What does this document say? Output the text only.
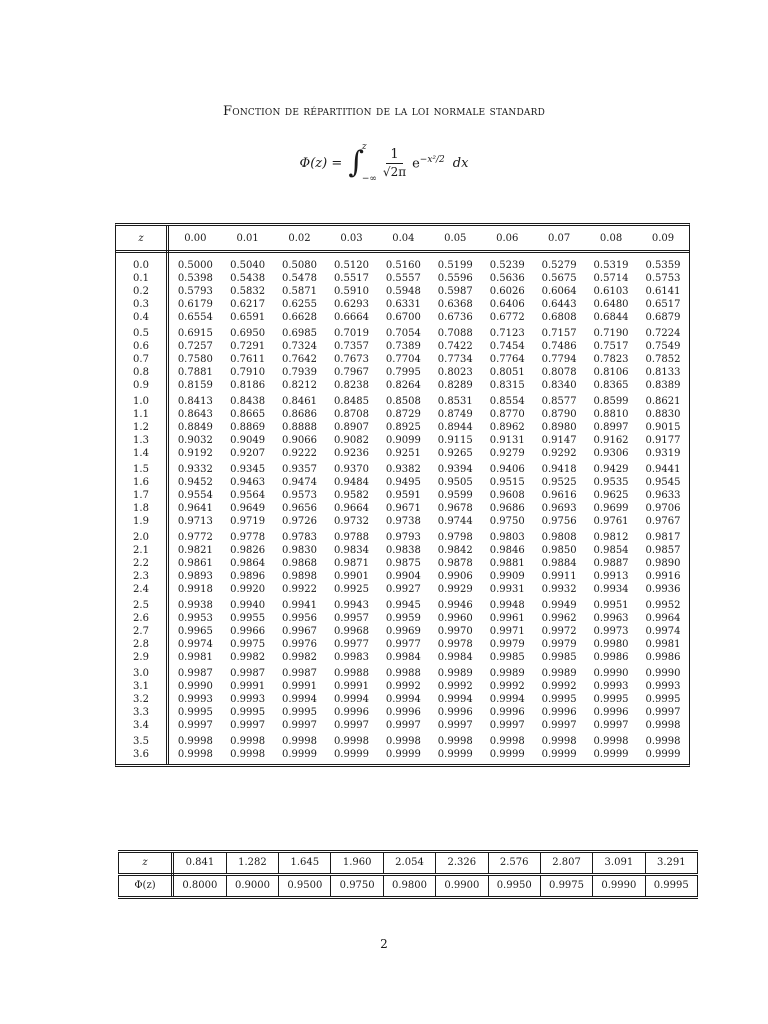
Fonction de répartition de la loi normale standard
Φ(z) = ∫
z
−∞ $\frac{1}{√2\pi} e^{-x^2/2}$ dx
z	0.00	0.01	0.02	0.03	0.04	0.05	0.06	0.07	0.08	0.09
0.0	0.5000	0.5040	0.5080	0.5120	0.5160	0.5199	0.5239	0.5279	0.5319	0.5359
0.1	0.5398	0.5438	0.5478	0.5517	0.5557	0.5596	0.5636	0.5675	0.5714	0.5753
0.2	0.5793	0.5832	0.5871	0.5910	0.5948	0.5987	0.6026	0.6064	0.6103	0.6141
0.3	0.6179	0.6217	0.6255	0.6293	0.6331	0.6368	0.6406	0.6443	0.6480	0.6517
0.4	0.6554	0.6591	0.6628	0.6664	0.6700	0.6736	0.6772	0.6808	0.6844	0.6879
0.5	0.6915	0.6950	0.6985	0.7019	0.7054	0.7088	0.7123	0.7157	0.7190	0.7224
0.6	0.7257	0.7291	0.7324	0.7357	0.7389	0.7422	0.7454	0.7486	0.7517	0.7549
0.7	0.7580	0.7611	0.7642	0.7673	0.7704	0.7734	0.7764	0.7794	0.7823	0.7852
0.8	0.7881	0.7910	0.7939	0.7967	0.7995	0.8023	0.8051	0.8078	0.8106	0.8133
0.9	0.8159	0.8186	0.8212	0.8238	0.8264	0.8289	0.8315	0.8340	0.8365	0.8389
1.0	0.8413	0.8438	0.8461	0.8485	0.8508	0.8531	0.8554	0.8577	0.8599	0.8621
1.1	0.8643	0.8665	0.8686	0.8708	0.8729	0.8749	0.8770	0.8790	0.8810	0.8830
1.2	0.8849	0.8869	0.8888	0.8907	0.8925	0.8944	0.8962	0.8980	0.8997	0.9015
1.3	0.9032	0.9049	0.9066	0.9082	0.9099	0.9115	0.9131	0.9147	0.9162	0.9177
1.4	0.9192	0.9207	0.9222	0.9236	0.9251	0.9265	0.9279	0.9292	0.9306	0.9319
1.5	0.9332	0.9345	0.9357	0.9370	0.9382	0.9394	0.9406	0.9418	0.9429	0.9441
1.6	0.9452	0.9463	0.9474	0.9484	0.9495	0.9505	0.9515	0.9525	0.9535	0.9545
1.7	0.9554	0.9564	0.9573	0.9582	0.9591	0.9599	0.9608	0.9616	0.9625	0.9633
1.8	0.9641	0.9649	0.9656	0.9664	0.9671	0.9678	0.9686	0.9693	0.9699	0.9706
1.9	0.9713	0.9719	0.9726	0.9732	0.9738	0.9744	0.9750	0.9756	0.9761	0.9767
2.0	0.9772	0.9778	0.9783	0.9788	0.9793	0.9798	0.9803	0.9808	0.9812	0.9817
2.1	0.9821	0.9826	0.9830	0.9834	0.9838	0.9842	0.9846	0.9850	0.9854	0.9857
2.2	0.9861	0.9864	0.9868	0.9871	0.9875	0.9878	0.9881	0.9884	0.9887	0.9890
2.3	0.9893	0.9896	0.9898	0.9901	0.9904	0.9906	0.9909	0.9911	0.9913	0.9916
2.4	0.9918	0.9920	0.9922	0.9925	0.9927	0.9929	0.9931	0.9932	0.9934	0.9936
2.5	0.9938	0.9940	0.9941	0.9943	0.9945	0.9946	0.9948	0.9949	0.9951	0.9952
2.6	0.9953	0.9955	0.9956	0.9957	0.9959	0.9960	0.9961	0.9962	0.9963	0.9964
2.7	0.9965	0.9966	0.9967	0.9968	0.9969	0.9970	0.9971	0.9972	0.9973	0.9974
2.8	0.9974	0.9975	0.9976	0.9977	0.9977	0.9978	0.9979	0.9979	0.9980	0.9981
2.9	0.9981	0.9982	0.9982	0.9983	0.9984	0.9984	0.9985	0.9985	0.9986	0.9986
3.0	0.9987	0.9987	0.9987	0.9988	0.9988	0.9989	0.9989	0.9989	0.9990	0.9990
3.1	0.9990	0.9991	0.9991	0.9991	0.9992	0.9992	0.9992	0.9992	0.9993	0.9993
3.2	0.9993	0.9993	0.9994	0.9994	0.9994	0.9994	0.9994	0.9995	0.9995	0.9995
3.3	0.9995	0.9995	0.9995	0.9996	0.9996	0.9996	0.9996	0.9996	0.9996	0.9997
3.4	0.9997	0.9997	0.9997	0.9997	0.9997	0.9997	0.9997	0.9997	0.9997	0.9998
3.5	0.9998	0.9998	0.9998	0.9998	0.9998	0.9998	0.9998	0.9998	0.9998	0.9998
3.6	0.9998	0.9998	0.9999	0.9999	0.9999	0.9999	0.9999	0.9999	0.9999	0.9999
z	0.841	1.282	1.645	1.960	2.054	2.326	2.576	2.807	3.091	3.291
Φ(z)	0.8000	0.9000	0.9500	0.9750	0.9800	0.9900	0.9950	0.9975	0.9990	0.9995
2
